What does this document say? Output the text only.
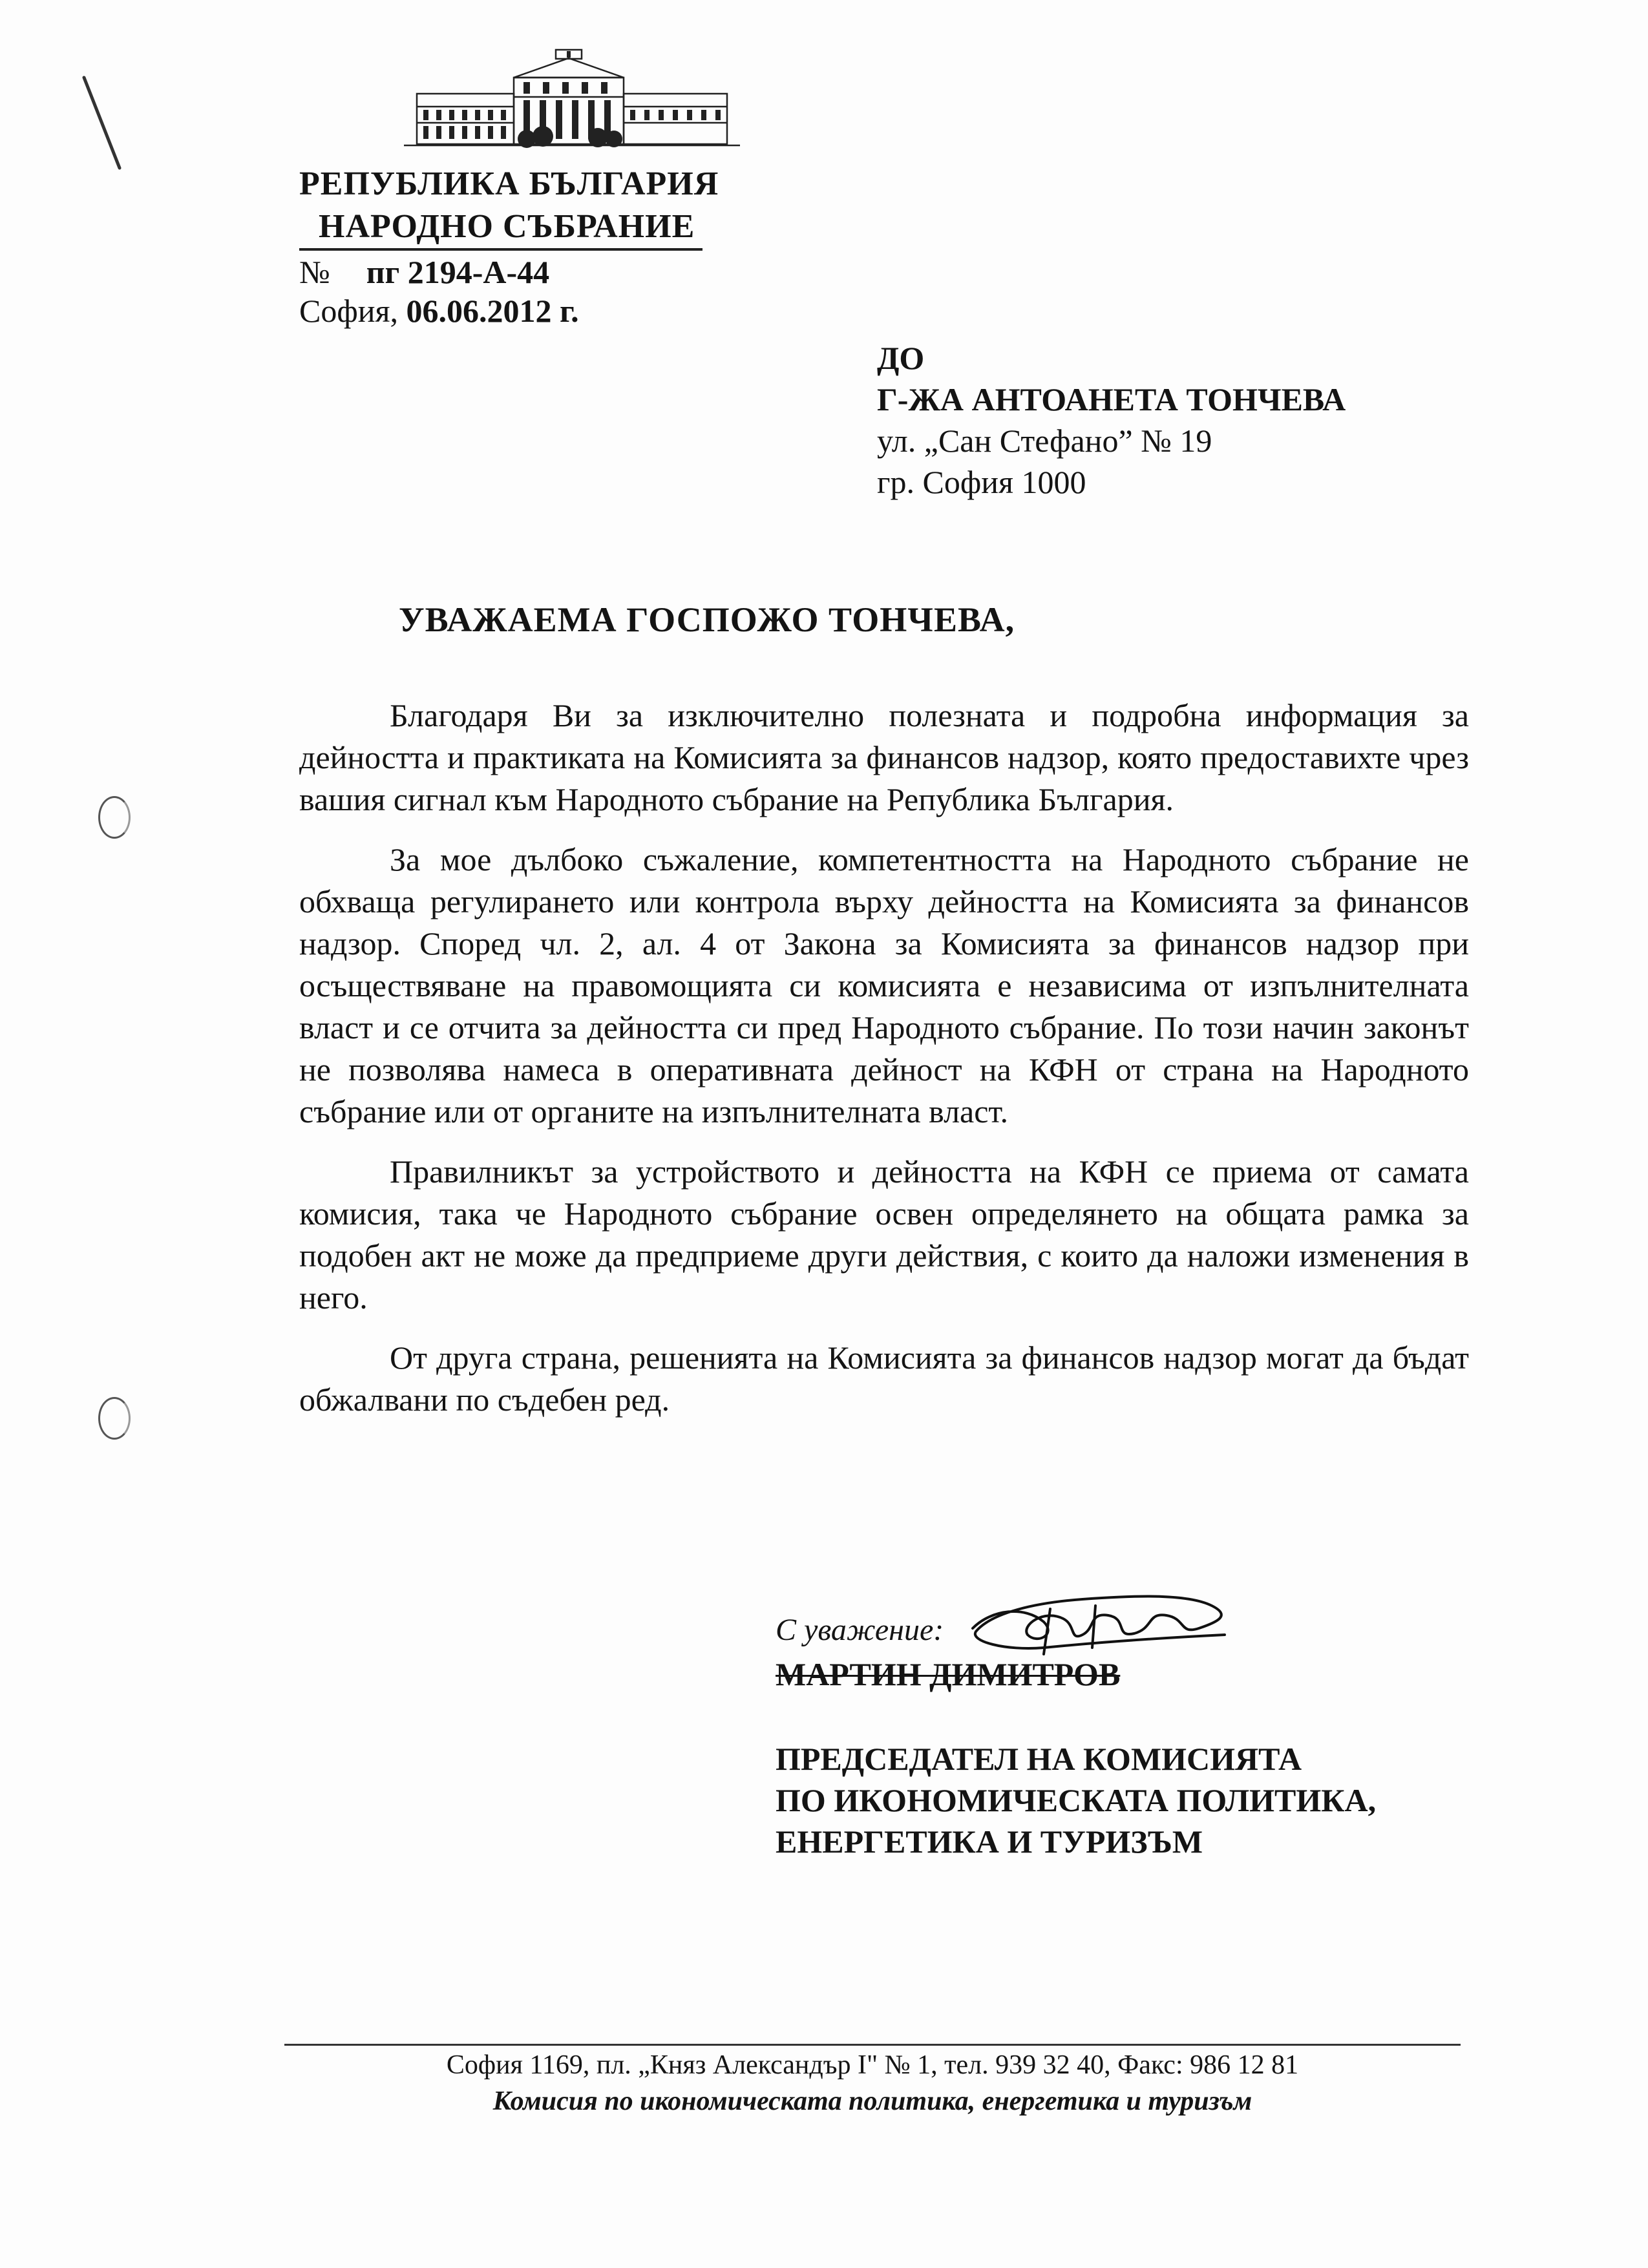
РЕПУБЛИКА БЪЛГАРИЯ
НАРОДНО СЪБРАНИЕ
№ пг 2194-А-44
София, 06.06.2012 г.
ДО
Г-ЖА АНТОАНЕТА ТОНЧЕВА
ул. „Сан Стефано” № 19
гр. София 1000
УВАЖАЕМА ГОСПОЖО ТОНЧЕВА,

Благодаря Ви за изключително полезната и подробна информация за дейността и практиката на Комисията за финансов надзор, която предоставихте чрез вашия сигнал към Народното събрание на Република България.

За мое дълбоко съжаление, компетентността на Народното събрание не обхваща регулирането или контрола върху дейността на Комисията за финансов надзор. Според чл. 2, ал. 4 от Закона за Комисията за финансов надзор при осъществяване на правомощията си комисията е независима от изпълнителната власт и се отчита за дейността си пред Народното събрание. По този начин законът не позволява намеса в оперативната дейност на КФН от страна на Народното събрание или от органите на изпълнителната власт.

Правилникът за устройството и дейността на КФН се приема от самата комисия, така че Народното събрание освен определянето на общата рамка за подобен акт не може да предприеме други действия, с които да наложи изменения в него.

От друга страна, решенията на Комисията за финансов надзор могат да бъдат обжалвани по съдебен ред.

С уважение:
МАРТИН ДИМИТРОВ
ПРЕДСЕДАТЕЛ НА КОМИСИЯТА
ПО ИКОНОМИЧЕСКАТА ПОЛИТИКА,
ЕНЕРГЕТИКА И ТУРИЗЪМ
София 1169, пл. „Княз Александър I" № 1, тел. 939 32 40, Факс: 986 12 81
Комисия по икономическата политика, енергетика и туризъм
